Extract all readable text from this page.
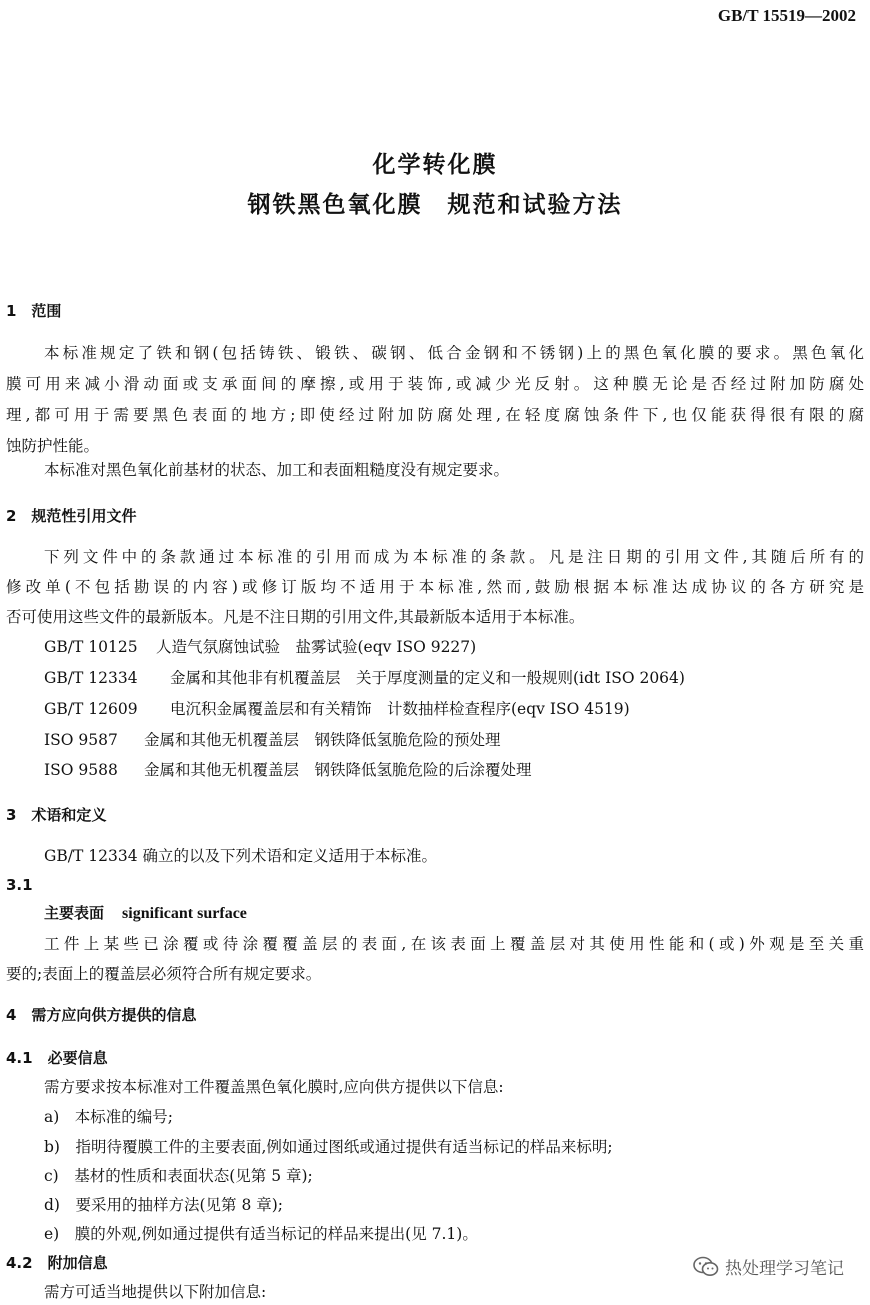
GB/T 15519—2002
化学转化膜
钢铁黑色氧化膜　规范和试验方法
1　范围
本标准规定了铁和钢(包括铸铁、锻铁、碳钢、低合金钢和不锈钢)上的黑色氧化膜的要求。黑色氧化
膜可用来减小滑动面或支承面间的摩擦,或用于装饰,或减少光反射。这种膜无论是否经过附加防腐处
理,都可用于需要黑色表面的地方;即使经过附加防腐处理,在轻度腐蚀条件下,也仅能获得很有限的腐
蚀防护性能。
本标准对黑色氧化前基材的状态、加工和表面粗糙度没有规定要求。
2　规范性引用文件
下列文件中的条款通过本标准的引用而成为本标准的条款。凡是注日期的引用文件,其随后所有的
修改单(不包括勘误的内容)或修订版均不适用于本标准,然而,鼓励根据本标准达成协议的各方研究是
否可使用这些文件的最新版本。凡是不注日期的引用文件,其最新版本适用于本标准。
GB/T 10125 人造气氛腐蚀试验　盐雾试验(eqv ISO 9227)
GB/T 12334 金属和其他非有机覆盖层　关于厚度测量的定义和一般规则(idt ISO 2064)
GB/T 12609 电沉积金属覆盖层和有关精饰　计数抽样检查程序(eqv ISO 4519)
ISO 9587 金属和其他无机覆盖层　钢铁降低氢脆危险的预处理
ISO 9588 金属和其他无机覆盖层　钢铁降低氢脆危险的后涂覆处理
3　术语和定义
GB/T 12334 确立的以及下列术语和定义适用于本标准。
3.1
主要表面 significant surface
工件上某些已涂覆或待涂覆覆盖层的表面,在该表面上覆盖层对其使用性能和(或)外观是至关重
要的;表面上的覆盖层必须符合所有规定要求。
4　需方应向供方提供的信息
4.1　必要信息
需方要求按本标准对工件覆盖黑色氧化膜时,应向供方提供以下信息:
a)　本标准的编号;
b)　指明待覆膜工件的主要表面,例如通过图纸或通过提供有适当标记的样品来标明;
c)　基材的性质和表面状态(见第 5 章);
d)　要采用的抽样方法(见第 8 章);
e)　膜的外观,例如通过提供有适当标记的样品来提出(见 7.1)。
4.2　附加信息
需方可适当地提供以下附加信息:
热处理学习笔记
